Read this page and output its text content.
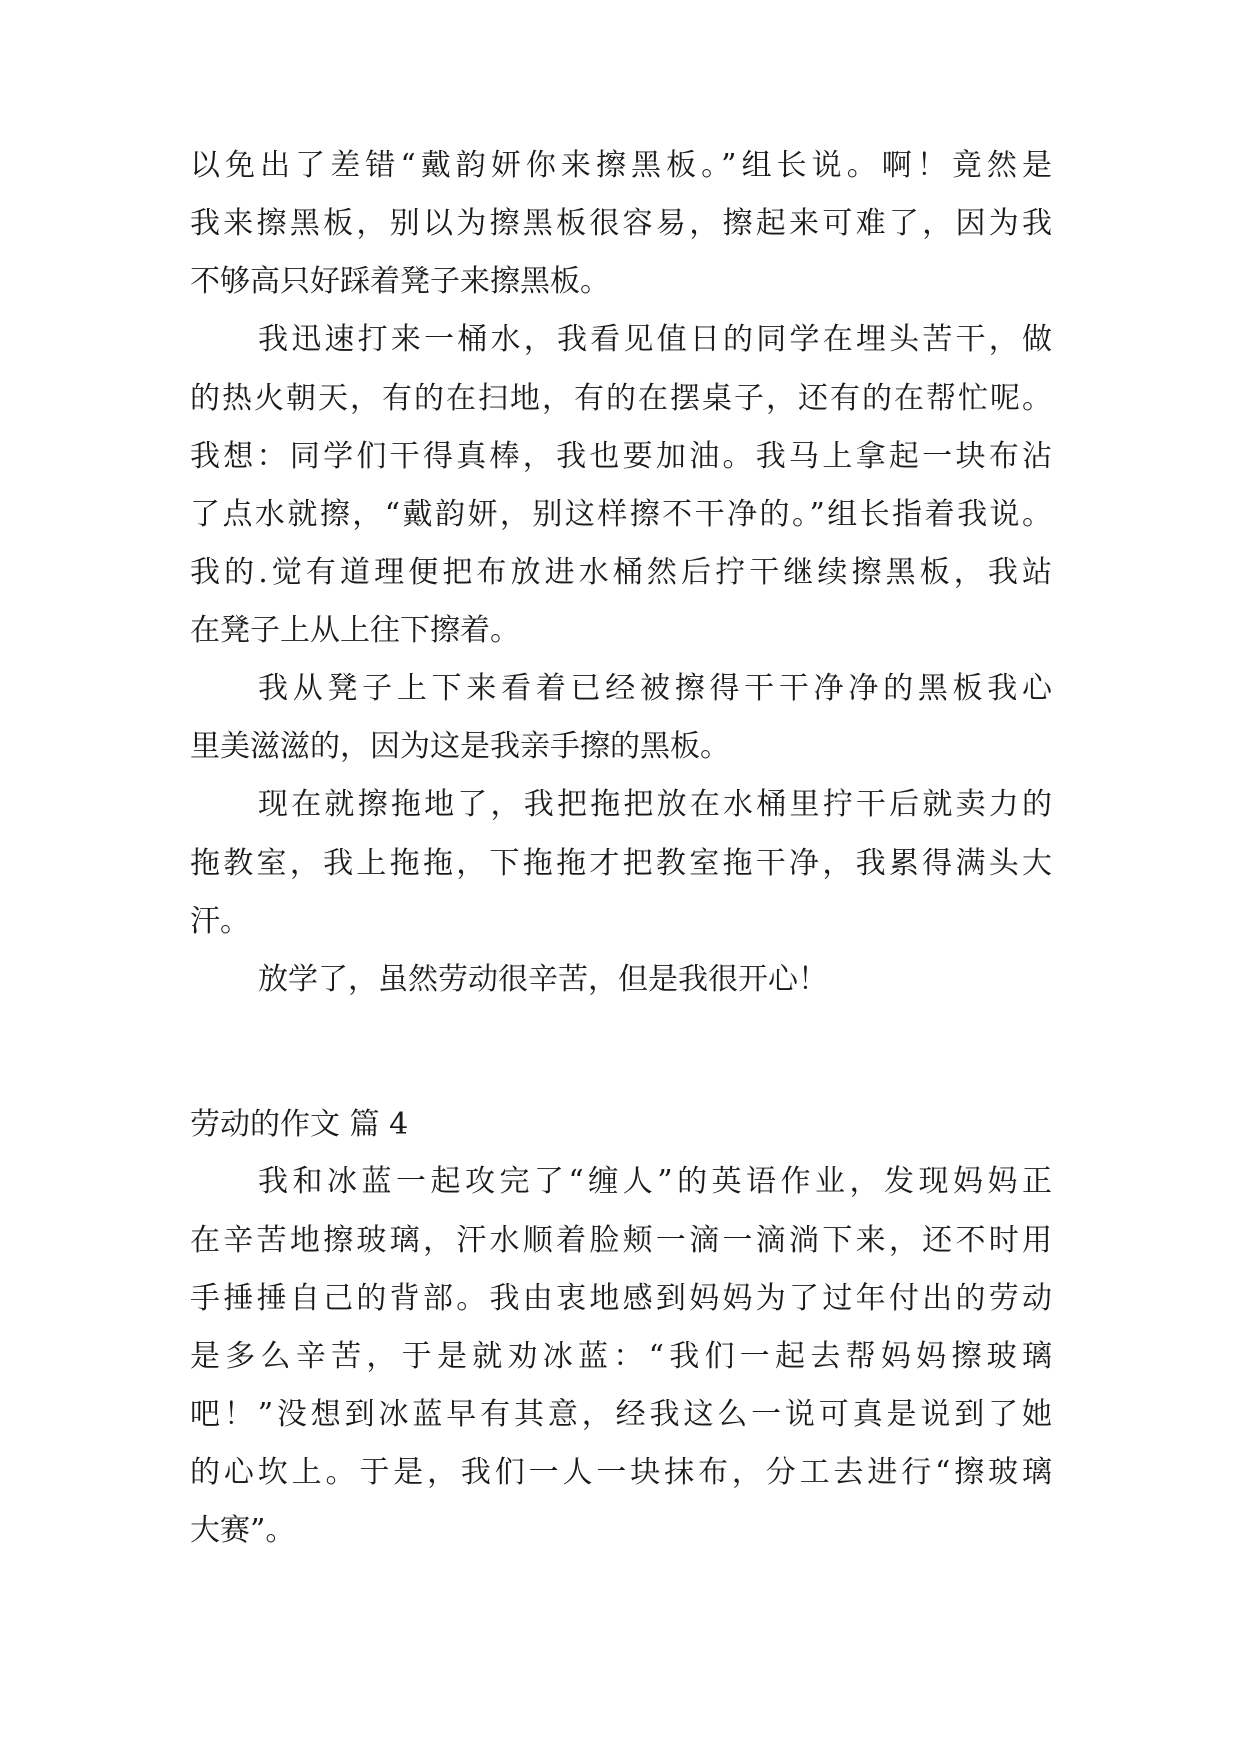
以免出了差错“戴韵妍你来擦黑板。”组长说。啊！竟然是
我来擦黑板，别以为擦黑板很容易，擦起来可难了，因为我
不够高只好踩着凳子来擦黑板。
我迅速打来一桶水，我看见值日的同学在埋头苦干，做
的热火朝天，有的在扫地，有的在摆桌子，还有的在帮忙呢。
我想：同学们干得真棒，我也要加油。我马上拿起一块布沾
了点水就擦，“戴韵妍，别这样擦不干净的。”组长指着我说。
我的.觉有道理便把布放进水桶然后拧干继续擦黑板，我站
在凳子上从上往下擦着。
我从凳子上下来看着已经被擦得干干净净的黑板我心
里美滋滋的，因为这是我亲手擦的黑板。
现在就擦拖地了，我把拖把放在水桶里拧干后就卖力的
拖教室，我上拖拖，下拖拖才把教室拖干净，我累得满头大
汗。
放学了，虽然劳动很辛苦，但是我很开心！
劳动的作文 篇 4
我和冰蓝一起攻完了“缠人”的英语作业，发现妈妈正
在辛苦地擦玻璃，汗水顺着脸颊一滴一滴淌下来，还不时用
手捶捶自己的背部。我由衷地感到妈妈为了过年付出的劳动
是多么辛苦，于是就劝冰蓝：“我们一起去帮妈妈擦玻璃
吧！”没想到冰蓝早有其意，经我这么一说可真是说到了她
的心坎上。于是，我们一人一块抹布，分工去进行“擦玻璃
大赛”。
